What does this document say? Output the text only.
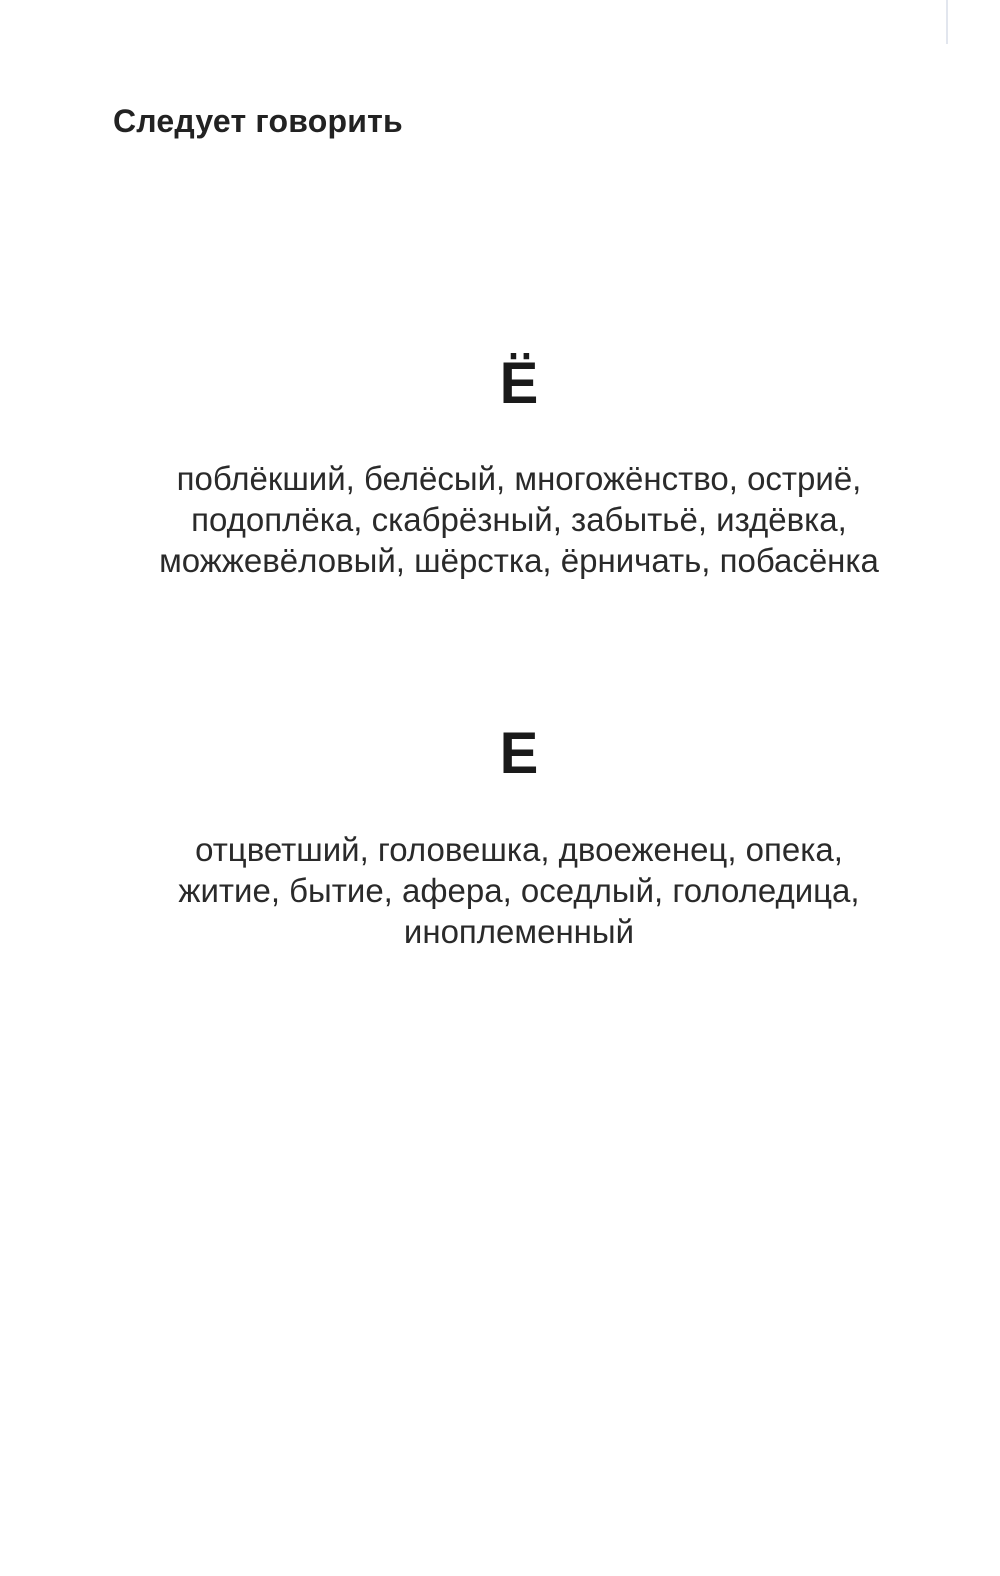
Следует говорить
Ё
поблёкший, белёсый, многожёнство, остриё,
подоплёка, скабрёзный, забытьё, издёвка,
можжевёловый, шёрстка, ёрничать, побасёнка
Е
отцветший, головешка, двоеженец, опека,
житие, бытие, афера, оседлый, гололедица,
иноплеменный
